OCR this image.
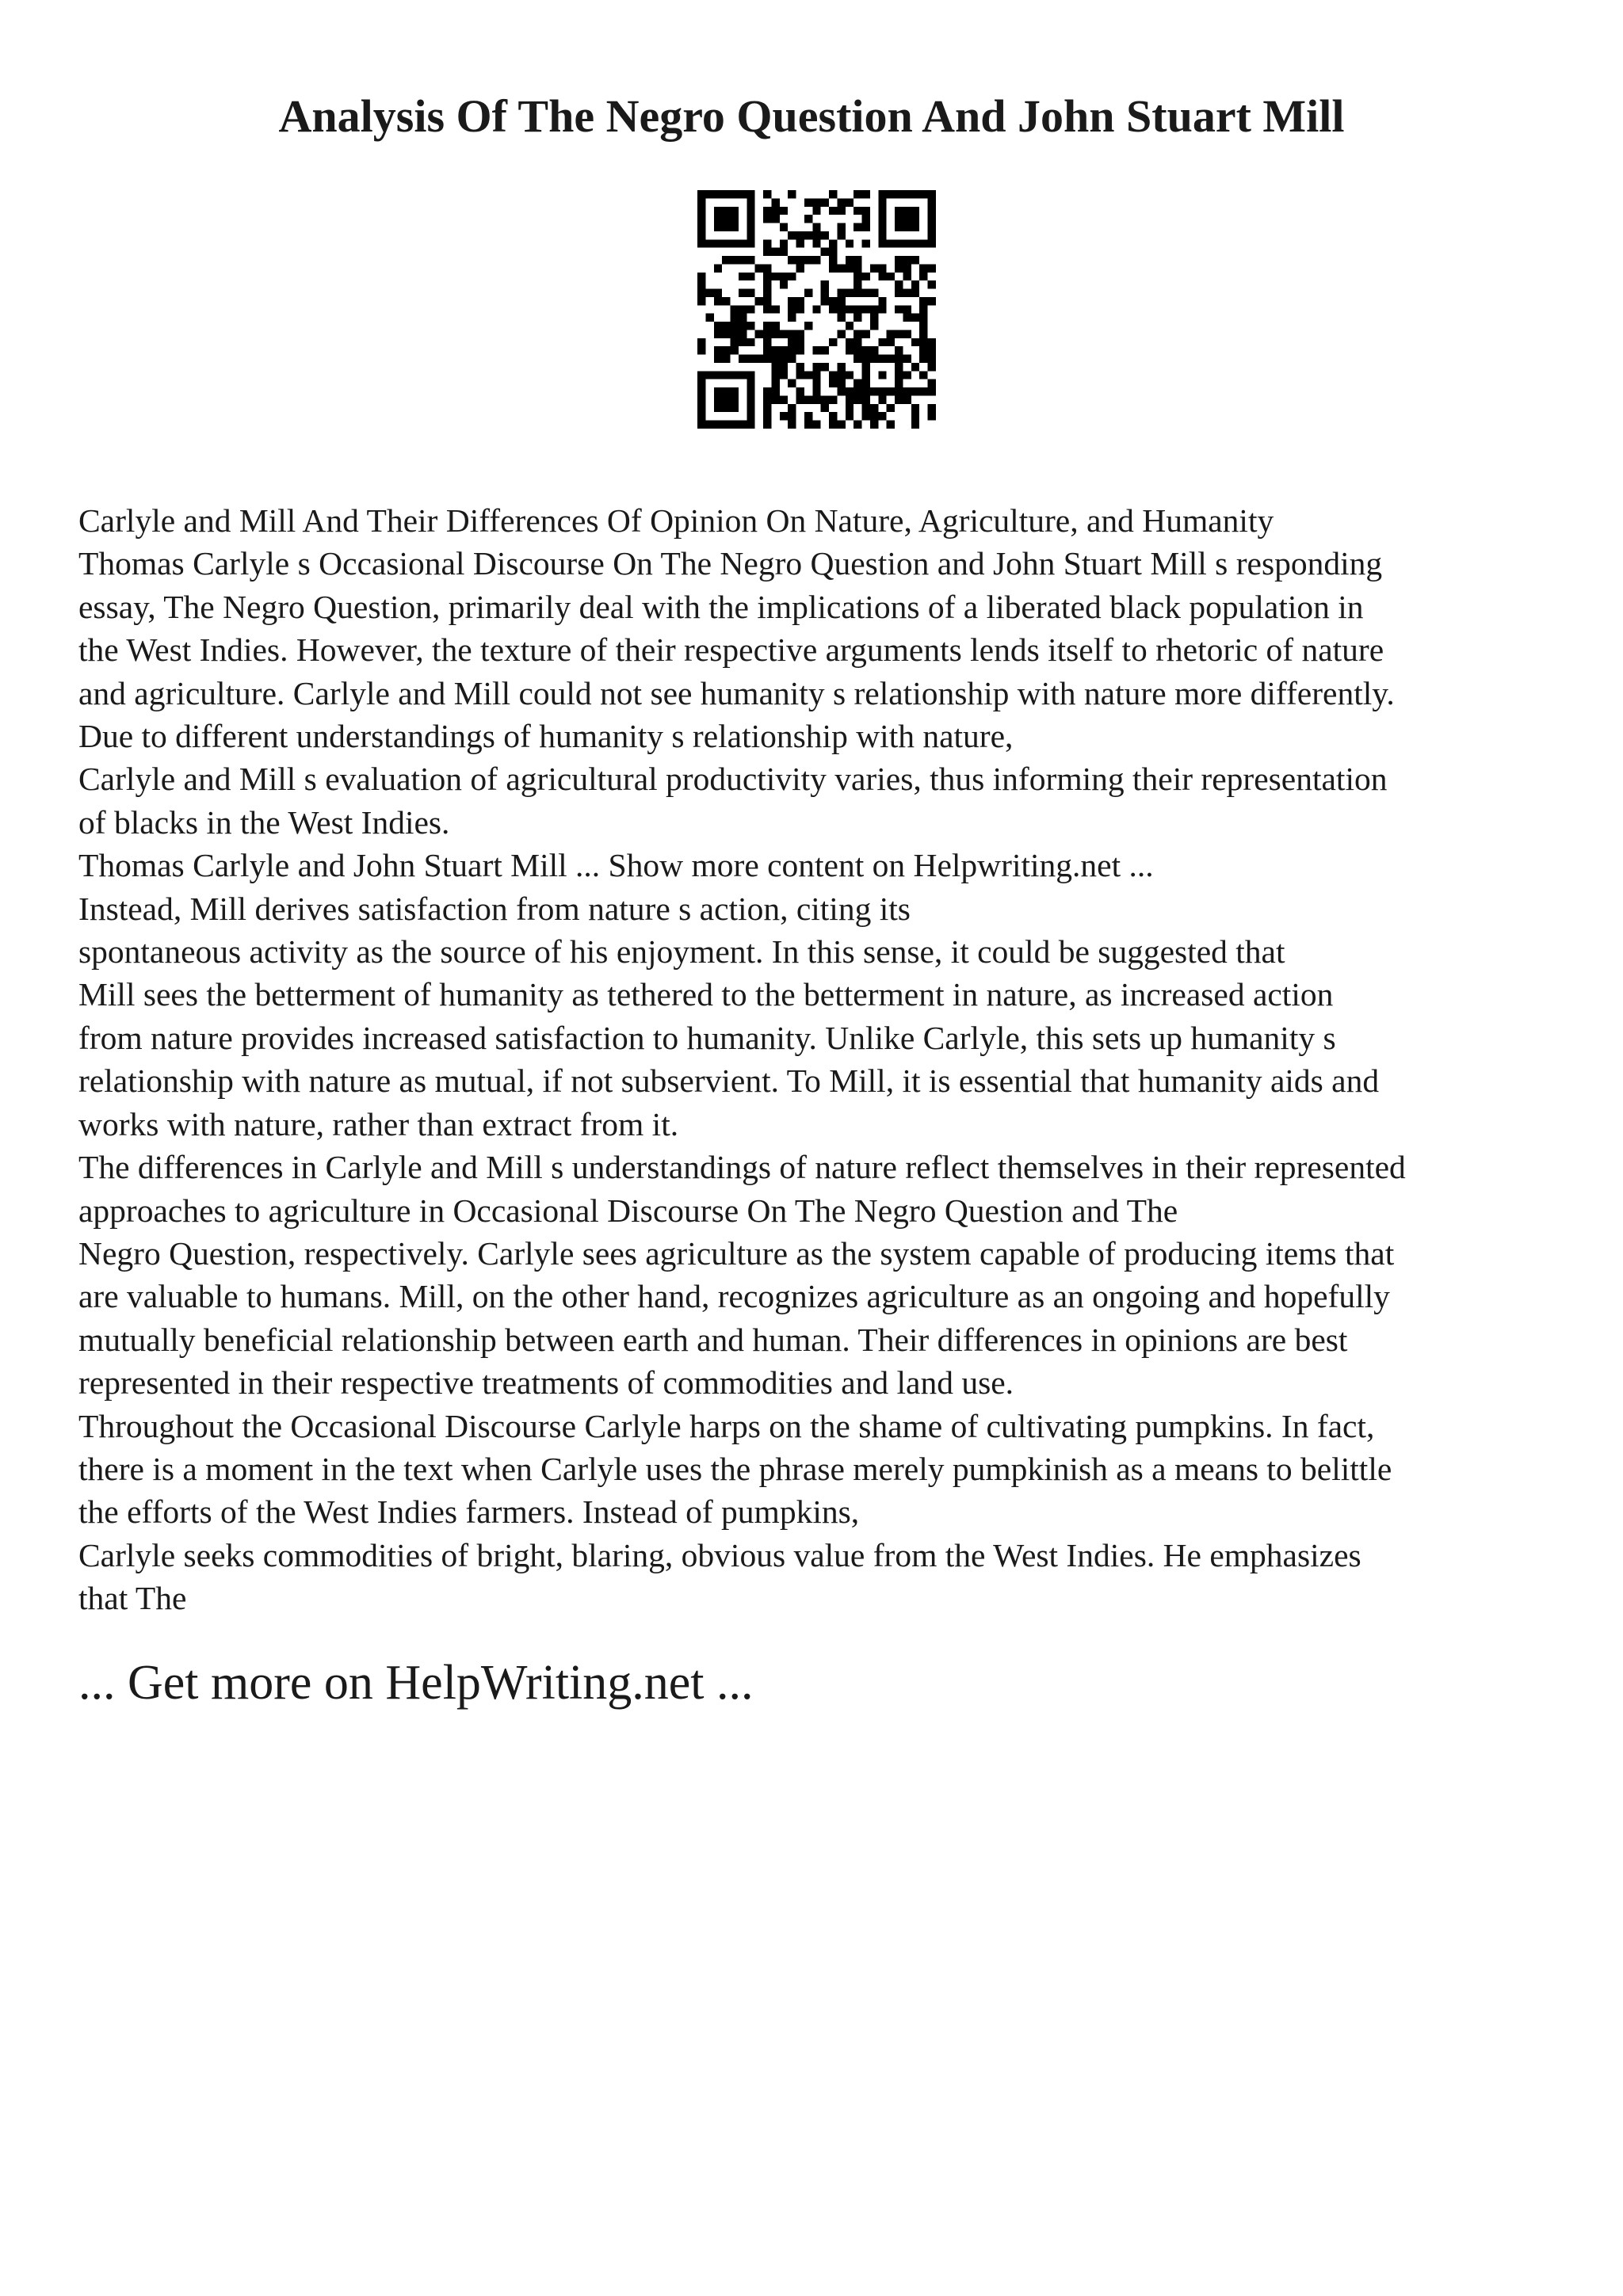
Analysis Of The Negro Question And John Stuart Mill
Carlyle and Mill And Their Differences Of Opinion On Nature, Agriculture, and Humanity
Thomas Carlyle s Occasional Discourse On The Negro Question and John Stuart Mill s responding
essay, The Negro Question, primarily deal with the implications of a liberated black population in
the West Indies. However, the texture of their respective arguments lends itself to rhetoric of nature
and agriculture. Carlyle and Mill could not see humanity s relationship with nature more differently.
Due to different understandings of humanity s relationship with nature,
Carlyle and Mill s evaluation of agricultural productivity varies, thus informing their representation
of blacks in the West Indies.
Thomas Carlyle and John Stuart Mill ... Show more content on Helpwriting.net ...
Instead, Mill derives satisfaction from nature s action, citing its
spontaneous activity as the source of his enjoyment. In this sense, it could be suggested that
Mill sees the betterment of humanity as tethered to the betterment in nature, as increased action
from nature provides increased satisfaction to humanity. Unlike Carlyle, this sets up humanity s
relationship with nature as mutual, if not subservient. To Mill, it is essential that humanity aids and
works with nature, rather than extract from it.
The differences in Carlyle and Mill s understandings of nature reflect themselves in their represented
approaches to agriculture in Occasional Discourse On The Negro Question and The
Negro Question, respectively. Carlyle sees agriculture as the system capable of producing items that
are valuable to humans. Mill, on the other hand, recognizes agriculture as an ongoing and hopefully
mutually beneficial relationship between earth and human. Their differences in opinions are best
represented in their respective treatments of commodities and land use.
Throughout the Occasional Discourse Carlyle harps on the shame of cultivating pumpkins. In fact,
there is a moment in the text when Carlyle uses the phrase merely pumpkinish as a means to belittle
the efforts of the West Indies farmers. Instead of pumpkins,
Carlyle seeks commodities of bright, blaring, obvious value from the West Indies. He emphasizes
that The
... Get more on HelpWriting.net ...
